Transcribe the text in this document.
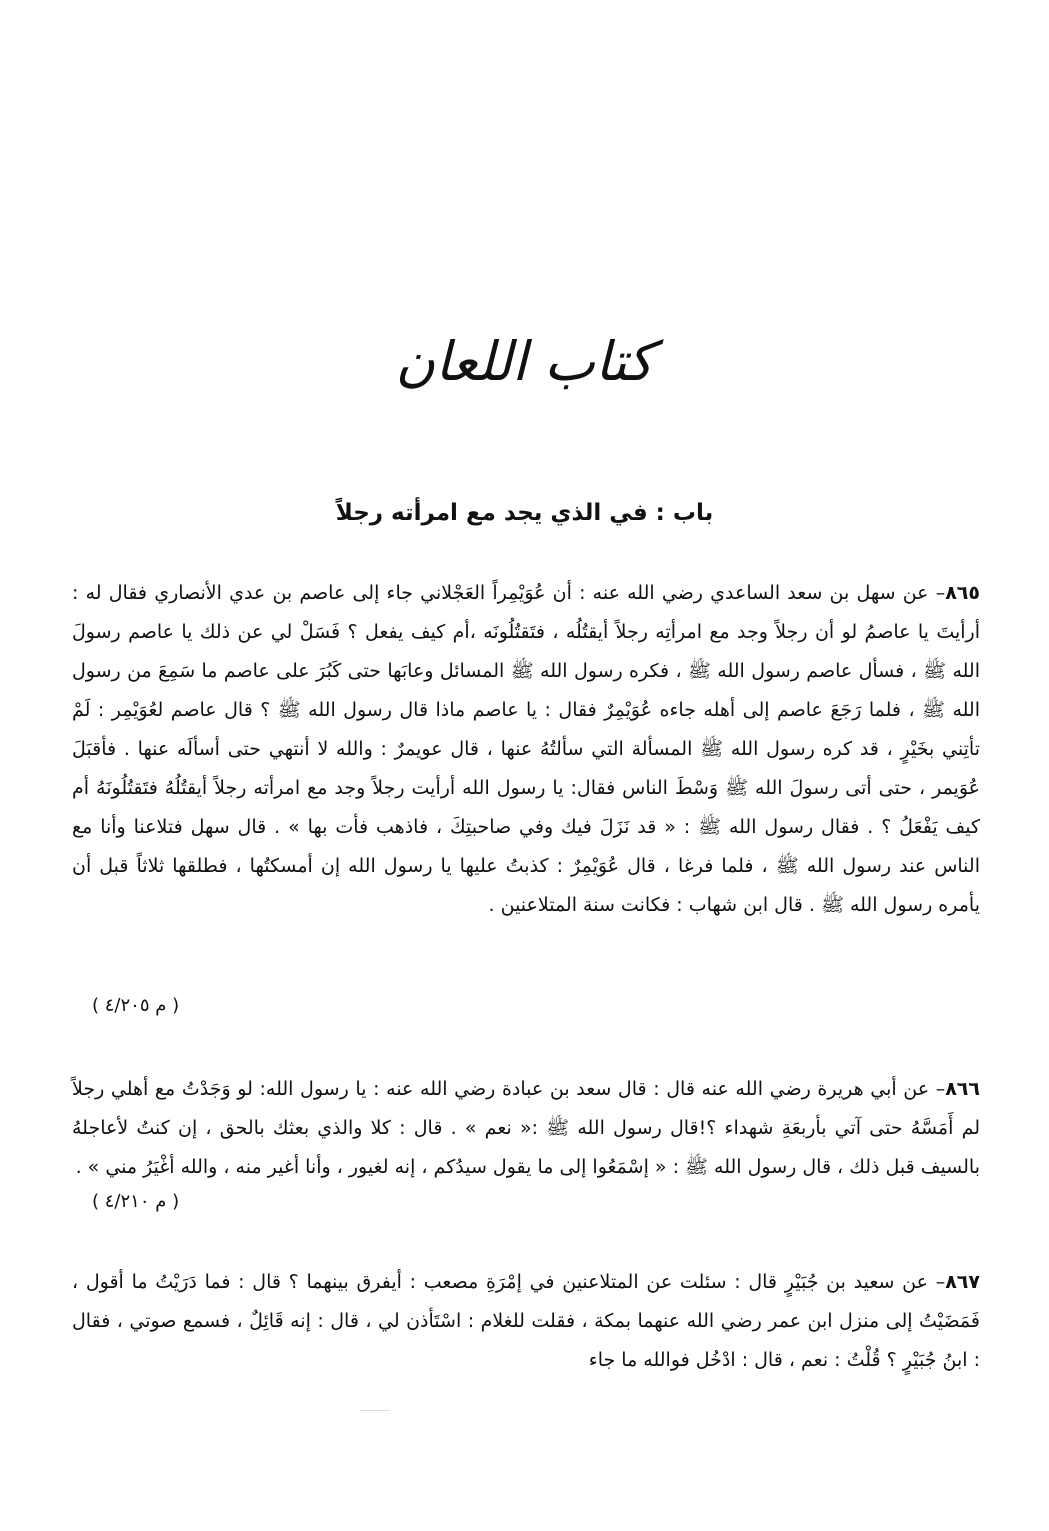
كتاب اللعان
باب : في الذي يجد مع امرأته رجلاً
٨٦٥– عن سهل بن سعد الساعدي رضي الله عنه : أن عُوَيْمِراً العَجْلاني جاء إلى عاصم بن عدي الأنصاري فقال له : أرأيتَ يا عاصمُ لو أن رجلاً وجد مع امرأتِه رجلاً أيقتُلُه ، فتَقتُلُونَه ،أم كيف يفعل ؟ فَسَلْ لي عن ذلك يا عاصم رسولَ الله ﷺ ، فسأل عاصم رسول الله ﷺ ، فكره رسول الله ﷺ المسائل وعابَها حتى كَبُرَ على عاصم ما سَمِعَ من رسول الله ﷺ ، فلما رَجَعَ عاصم إلى أهله جاءه عُوَيْمِرٌ فقال : يا عاصم ماذا قال رسول الله ﷺ ؟ قال عاصم لعُوَيْمِر : لَمْ تأتِني بخَيْرٍ ، قد كره رسول الله ﷺ المسألة التي سألتُهُ عنها ، قال عويمرٌ : والله لا أنتهي حتى أسألَه عنها . فأقبَلَ عُوَيمر ، حتى أتى رسولَ الله ﷺ وَسْطَ الناس فقال: يا رسول الله أرأيت رجلاً وجد مع امرأته رجلاً أيقتُلُهُ فتَقتُلُونَهُ أم كيف يَفْعَلُ ؟ . فقال رسول الله ﷺ : « قد نَزَلَ فيك وفي صاحبتِكَ ، فاذهب فأت بها » . قال سهل فتلاعنا وأنا مع الناس عند رسول الله ﷺ ، فلما فرغا ، قال عُوَيْمِرٌ : كذبتُ عليها يا رسول الله إن أمسكتُها ، فطلقها ثلاثاً قبل أن يأمره رسول الله ﷺ . قال ابن شهاب : فكانت سنة المتلاعنين .
( م ٤/٢٠٥ )
٨٦٦– عن أبي هريرة رضي الله عنه قال : قال سعد بن عبادة رضي الله عنه : يا رسول الله: لو وَجَدْتُ مع أهلي رجلاً لم أَمَسَّهُ حتى آتي بأربعَةِ شهداء ؟!قال رسول الله ﷺ :« نعم » . قال : كلا والذي بعثك بالحق ، إن كنتُ لأعاجلهُ بالسيف قبل ذلك ، قال رسول الله ﷺ : « إسْمَعُوا إلى ما يقول سيدُكم ، إنه لغيور ، وأنا أغير منه ، والله أغْيَرُ مني » .
( م ٤/٢١٠ )
٨٦٧– عن سعيد بن جُبَيْرٍ قال : سئلت عن المتلاعنين في إمْرَةِ مصعب : أيفرق بينهما ؟ قال : فما دَرَيْتُ ما أقول ، فَمَضَيْتُ إلى منزل ابن عمر رضي الله عنهما بمكة ، فقلت للغلام : اسْتَأذن لي ، قال : إنه قَائِلٌ ، فسمع صوتي ، فقال : ابنُ جُبَيْرٍ ؟ قُلْتُ : نعم ، قال : ادْخُل فوالله ما جاء
